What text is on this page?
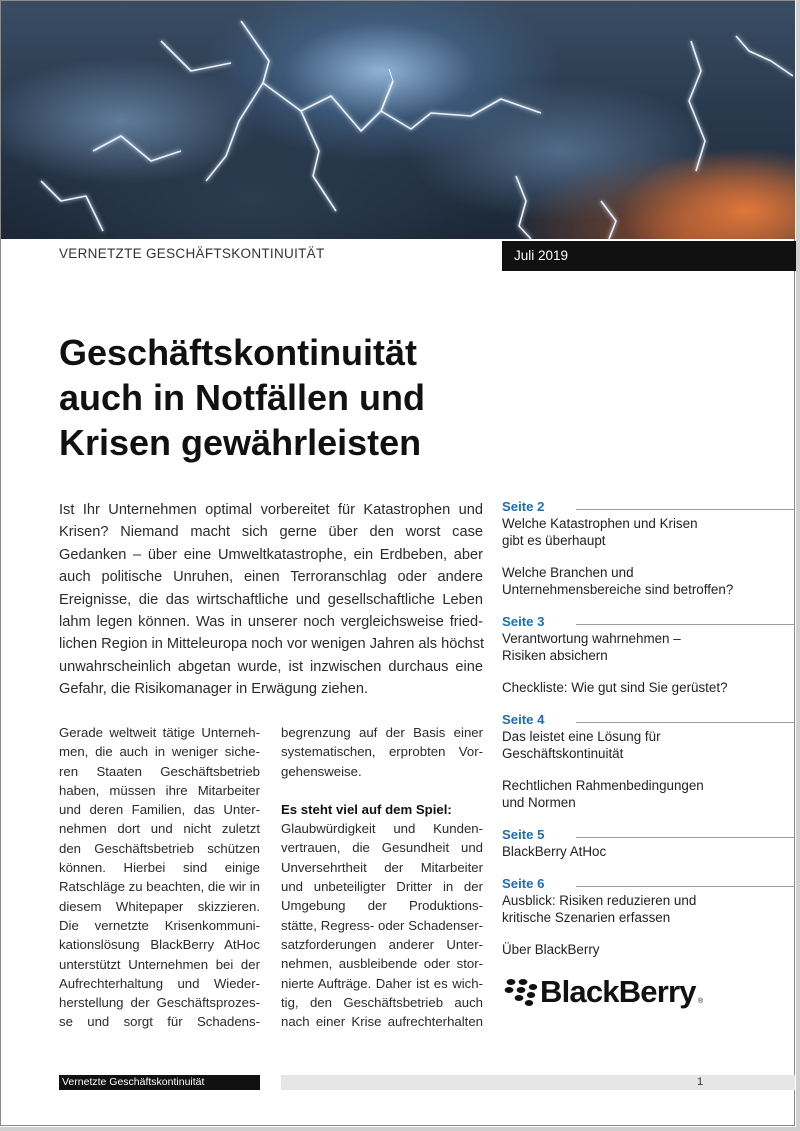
VERNETZTE GESCHÄFTSKONTINUITÄT	Juli 2019
Geschäftskontinuität
auch in Notfällen und
Krisen gewährleisten
Ist Ihr Unternehmen optimal vorbereitet für Katastrophen und
Krisen? Niemand macht sich gerne über den worst case
Gedanken – über eine Umweltkatastrophe, ein Erdbeben, aber
auch politische Unruhen, einen Terroranschlag oder andere
Ereignisse, die das wirtschaftliche und gesellschaftliche Leben
lahm legen können. Was in unserer noch vergleichsweise fried-
lichen Region in Mitteleuropa noch vor wenigen Jahren als höchst
unwahrscheinlich abgetan wurde, ist inzwischen durchaus eine
Gefahr, die Risikomanager in Erwägung ziehen.
Gerade weltweit tätige Unterneh-
men, die auch in weniger siche-
ren Staaten Geschäftsbetrieb
haben, müssen ihre Mitarbeiter
und deren Familien, das Unter-
nehmen dort und nicht zuletzt
den Geschäftsbetrieb schützen
können. Hierbei sind einige
Ratschläge zu beachten, die wir in
diesem Whitepaper skizzieren.
Die vernetzte Krisenkommuni-
kationslösung BlackBerry AtHoc
unterstützt Unternehmen bei der
Aufrechterhaltung und Wieder-
herstellung der Geschäftsprozes-
se und sorgt für Schadens-
begrenzung auf der Basis einer
systematischen, erprobten Vor-
gehensweise.
Es steht viel auf dem Spiel:
Glaubwürdigkeit und Kunden-
vertrauen, die Gesundheit und
Unversehrtheit der Mitarbeiter
und unbeteiligter Dritter in der
Umgebung der Produktions-
stätte, Regress- oder Schadenser-
satzforderungen anderer Unter-
nehmen, ausbleibende oder stor-
nierte Aufträge. Daher ist es wich-
tig, den Geschäftsbetrieb auch
nach einer Krise aufrechterhalten
Seite 2
Welche Katastrophen und Krisen
gibt es überhaupt
Welche Branchen und
Unternehmensbereiche sind betroffen?
Seite 3
Verantwortung wahrnehmen –
Risiken absichern
Checkliste: Wie gut sind Sie gerüstet?
Seite 4
Das leistet eine Lösung für
Geschäftskontinuität
Rechtlichen Rahmenbedingungen
und Normen
Seite 5
BlackBerry AtHoc
Seite 6
Ausblick: Risiken reduzieren und
kritische Szenarien erfassen
Über BlackBerry
BlackBerry ®
Vernetzte Geschäftskontinuität	1
